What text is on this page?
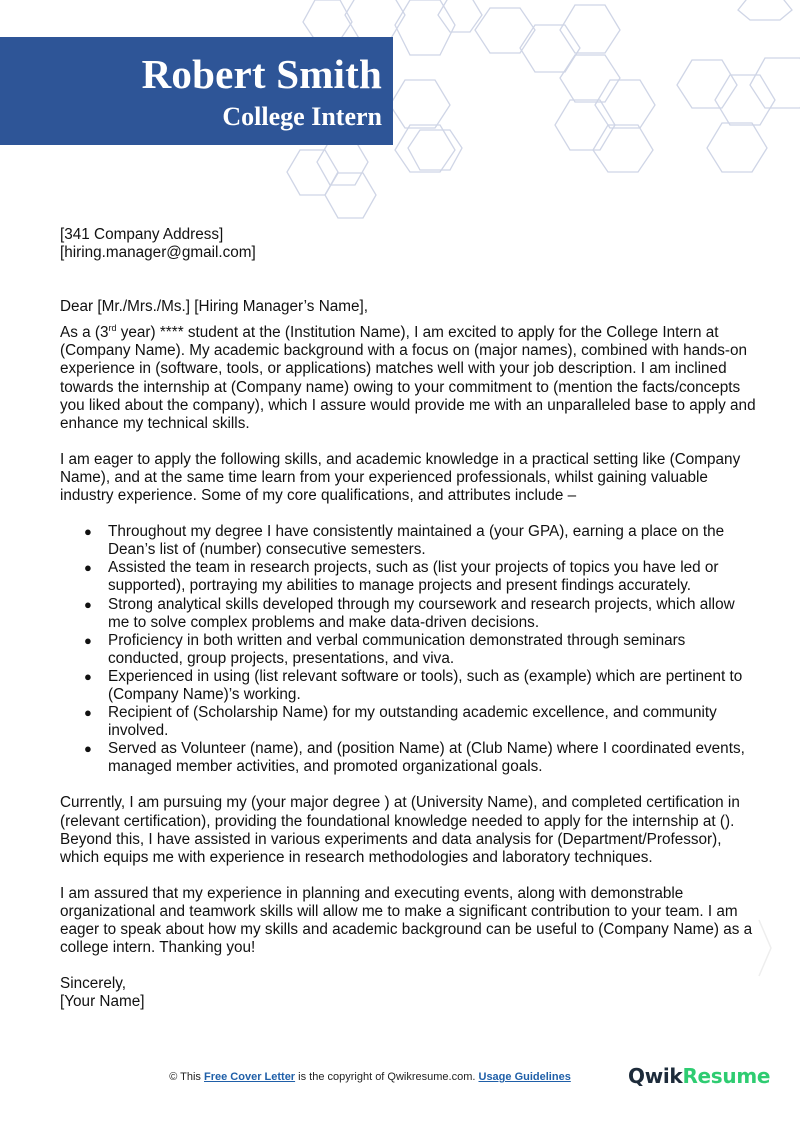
Robert Smith
College Intern

[341 Company Address]

[hiring.manager@gmail.com]

Dear [Mr./Mrs./Ms.] [Hiring Manager’s Name],

As a (3rd year) **** student at the (Institution Name), I am excited to apply for the College Intern at (Company Name). My academic background with a focus on (major names), combined with hands-on experience in (software, tools, or applications) matches well with your job description. I am inclined towards the internship at (Company name) owing to your commitment to (mention the facts/concepts you liked about the company), which I assure would provide me with an unparalleled base to apply and enhance my technical skills.

I am eager to apply the following skills, and academic knowledge in a practical setting like (Company Name), and at the same time learn from your experienced professionals, whilst gaining valuable industry experience. Some of my core qualifications, and attributes include –

● Throughout my degree I have consistently maintained a (your GPA), earning a place on the Dean’s list of (number) consecutive semesters.
● Assisted the team in research projects, such as (list your projects of topics you have led or supported), portraying my abilities to manage projects and present findings accurately.
● Strong analytical skills developed through my coursework and research projects, which allow me to solve complex problems and make data-driven decisions.
● Proficiency in both written and verbal communication demonstrated through seminars conducted, group projects, presentations, and viva.
● Experienced in using (list relevant software or tools), such as (example) which are pertinent to (Company Name)’s working.
● Recipient of (Scholarship Name) for my outstanding academic excellence, and community involved.
● Served as Volunteer (name), and (position Name) at (Club Name) where I coordinated events, managed member activities, and promoted organizational goals.

Currently, I am pursuing my (your major degree ) at (University Name), and completed certification in (relevant certification), providing the foundational knowledge needed to apply for the internship at (). Beyond this, I have assisted in various experiments and data analysis for (Department/Professor), which equips me with experience in research methodologies and laboratory techniques.

I am assured that my experience in planning and executing events, along with demonstrable organizational and teamwork skills will allow me to make a significant contribution to your team. I am eager to speak about how my skills and academic background can be useful to (Company Name) as a college intern. Thanking you!

Sincerely,

[Your Name]

© This Free Cover Letter is the copyright of Qwikresume.com. Usage Guidelines	QwikResume
